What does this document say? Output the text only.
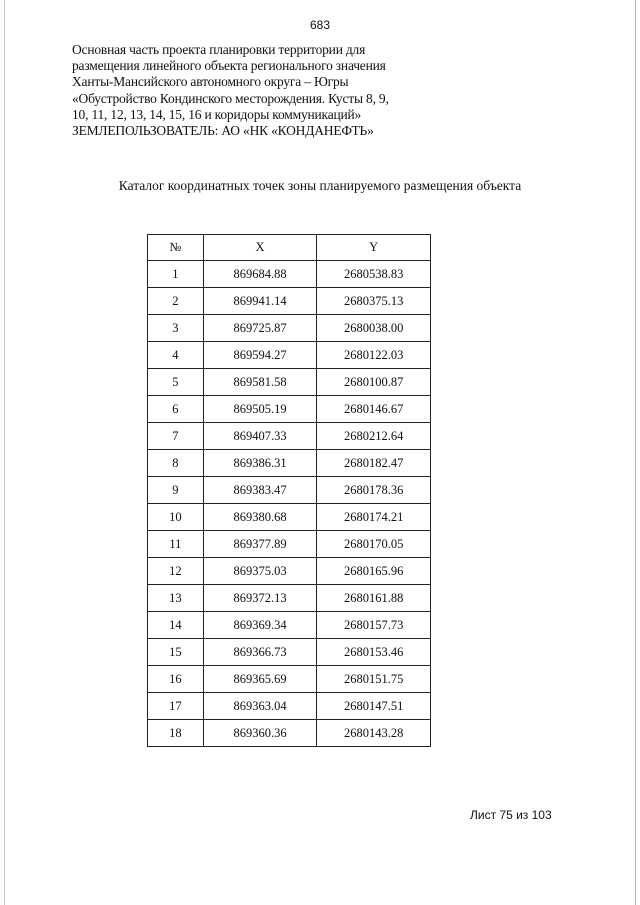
683
Основная часть проекта планировки территории для
размещения линейного объекта регионального значения
Ханты-Мансийского автономного округа – Югры
«Обустройство Кондинского месторождения. Кусты 8, 9,
10, 11, 12, 13, 14, 15, 16 и коридоры коммуникаций»
ЗЕМЛЕПОЛЬЗОВАТЕЛЬ: АО «НК «КОНДАНЕФТЬ»
Каталог координатных точек зоны планируемого размещения объекта
№	X	Y
1	869684.88	2680538.83
2	869941.14	2680375.13
3	869725.87	2680038.00
4	869594.27	2680122.03
5	869581.58	2680100.87
6	869505.19	2680146.67
7	869407.33	2680212.64
8	869386.31	2680182.47
9	869383.47	2680178.36
10	869380.68	2680174.21
11	869377.89	2680170.05
12	869375.03	2680165.96
13	869372.13	2680161.88
14	869369.34	2680157.73
15	869366.73	2680153.46
16	869365.69	2680151.75
17	869363.04	2680147.51
18	869360.36	2680143.28
Лист 75 из 103
